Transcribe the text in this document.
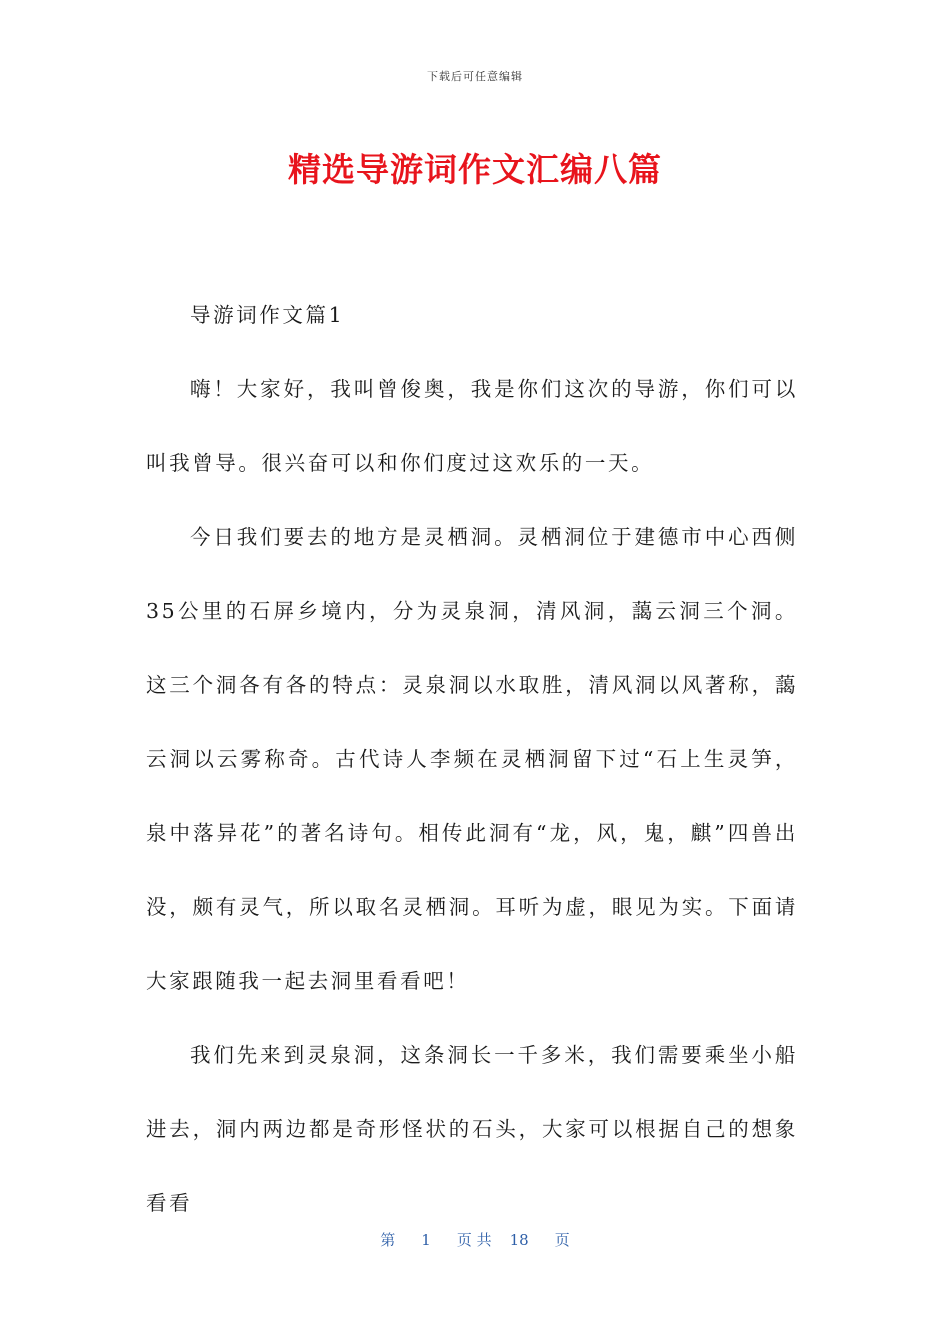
下载后可任意编辑
精选导游词作文汇编八篇

导游词作文篇1

嗨！大家好，我叫曾俊奥，我是你们这次的导游，你们可以叫我曾导。很兴奋可以和你们度过这欢乐的一天。

今日我们要去的地方是灵栖洞。灵栖洞位于建德市中心西侧35公里的石屏乡境内，分为灵泉洞，清风洞，藹云洞三个洞。这三个洞各有各的特点：灵泉洞以水取胜，清风洞以风著称，藹云洞以云雾称奇。古代诗人李频在灵栖洞留下过“石上生灵笋，泉中落异花”的著名诗句。相传此洞有“龙，风，鬼，麒”四兽出没，颇有灵气，所以取名灵栖洞。耳听为虚，眼见为实。下面请大家跟随我一起去洞里看看吧！

我们先来到灵泉洞，这条洞长一千多米，我们需要乘坐小船进去，洞内两边都是奇形怪状的石头，大家可以根据自己的想象看看

第 1 页 共 18 页
